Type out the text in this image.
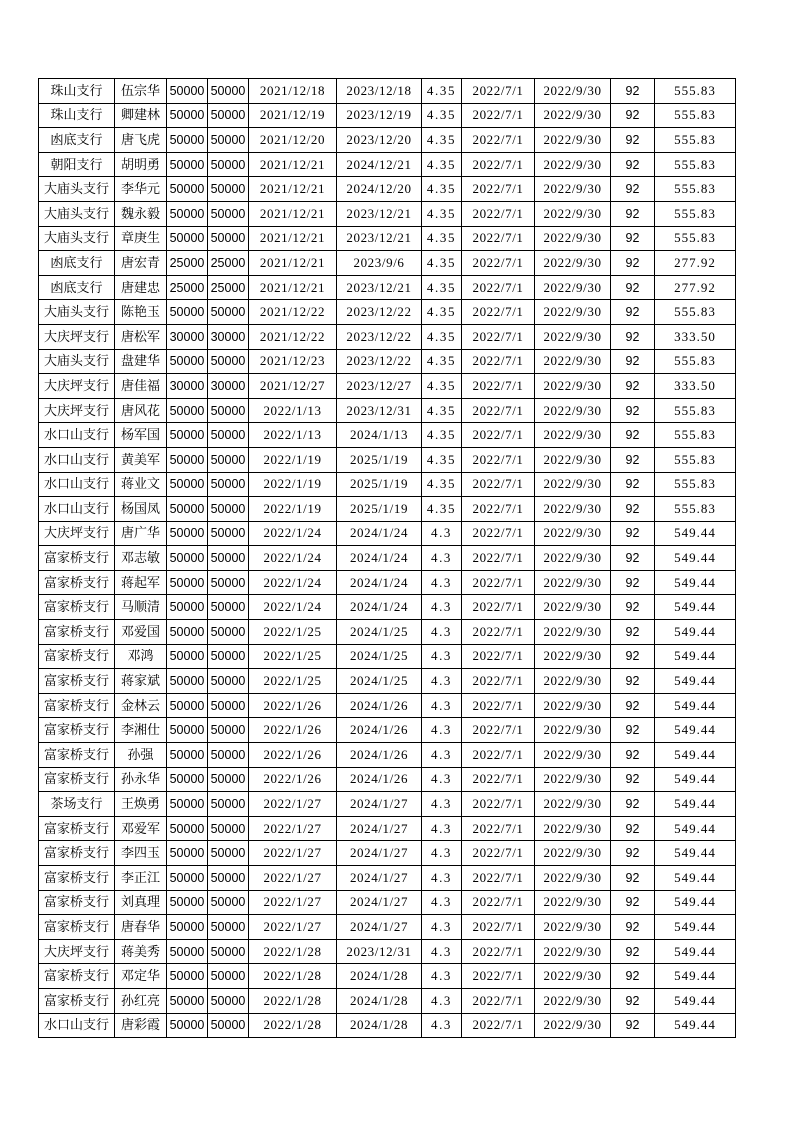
珠山支行	伍宗华	50000	50000	2021/12/18	2023/12/18	4.35	2022/7/1	2022/9/30	92	555.83
珠山支行	卿建林	50000	50000	2021/12/19	2023/12/19	4.35	2022/7/1	2022/9/30	92	555.83
凼底支行	唐飞虎	50000	50000	2021/12/20	2023/12/20	4.35	2022/7/1	2022/9/30	92	555.83
朝阳支行	胡明勇	50000	50000	2021/12/21	2024/12/21	4.35	2022/7/1	2022/9/30	92	555.83
大庙头支行	李华元	50000	50000	2021/12/21	2024/12/20	4.35	2022/7/1	2022/9/30	92	555.83
大庙头支行	魏永毅	50000	50000	2021/12/21	2023/12/21	4.35	2022/7/1	2022/9/30	92	555.83
大庙头支行	章庚生	50000	50000	2021/12/21	2023/12/21	4.35	2022/7/1	2022/9/30	92	555.83
凼底支行	唐宏青	25000	25000	2021/12/21	2023/9/6	4.35	2022/7/1	2022/9/30	92	277.92
凼底支行	唐建忠	25000	25000	2021/12/21	2023/12/21	4.35	2022/7/1	2022/9/30	92	277.92
大庙头支行	陈艳玉	50000	50000	2021/12/22	2023/12/22	4.35	2022/7/1	2022/9/30	92	555.83
大庆坪支行	唐松军	30000	30000	2021/12/22	2023/12/22	4.35	2022/7/1	2022/9/30	92	333.50
大庙头支行	盘建华	50000	50000	2021/12/23	2023/12/22	4.35	2022/7/1	2022/9/30	92	555.83
大庆坪支行	唐佳福	30000	30000	2021/12/27	2023/12/27	4.35	2022/7/1	2022/9/30	92	333.50
大庆坪支行	唐风花	50000	50000	2022/1/13	2023/12/31	4.35	2022/7/1	2022/9/30	92	555.83
水口山支行	杨军国	50000	50000	2022/1/13	2024/1/13	4.35	2022/7/1	2022/9/30	92	555.83
水口山支行	黄美军	50000	50000	2022/1/19	2025/1/19	4.35	2022/7/1	2022/9/30	92	555.83
水口山支行	蒋业文	50000	50000	2022/1/19	2025/1/19	4.35	2022/7/1	2022/9/30	92	555.83
水口山支行	杨国凤	50000	50000	2022/1/19	2025/1/19	4.35	2022/7/1	2022/9/30	92	555.83
大庆坪支行	唐广华	50000	50000	2022/1/24	2024/1/24	4.3	2022/7/1	2022/9/30	92	549.44
富家桥支行	邓志敏	50000	50000	2022/1/24	2024/1/24	4.3	2022/7/1	2022/9/30	92	549.44
富家桥支行	蒋起军	50000	50000	2022/1/24	2024/1/24	4.3	2022/7/1	2022/9/30	92	549.44
富家桥支行	马顺清	50000	50000	2022/1/24	2024/1/24	4.3	2022/7/1	2022/9/30	92	549.44
富家桥支行	邓爱国	50000	50000	2022/1/25	2024/1/25	4.3	2022/7/1	2022/9/30	92	549.44
富家桥支行	邓鸿	50000	50000	2022/1/25	2024/1/25	4.3	2022/7/1	2022/9/30	92	549.44
富家桥支行	蒋家斌	50000	50000	2022/1/25	2024/1/25	4.3	2022/7/1	2022/9/30	92	549.44
富家桥支行	金林云	50000	50000	2022/1/26	2024/1/26	4.3	2022/7/1	2022/9/30	92	549.44
富家桥支行	李湘仕	50000	50000	2022/1/26	2024/1/26	4.3	2022/7/1	2022/9/30	92	549.44
富家桥支行	孙强	50000	50000	2022/1/26	2024/1/26	4.3	2022/7/1	2022/9/30	92	549.44
富家桥支行	孙永华	50000	50000	2022/1/26	2024/1/26	4.3	2022/7/1	2022/9/30	92	549.44
茶场支行	王焕勇	50000	50000	2022/1/27	2024/1/27	4.3	2022/7/1	2022/9/30	92	549.44
富家桥支行	邓爱军	50000	50000	2022/1/27	2024/1/27	4.3	2022/7/1	2022/9/30	92	549.44
富家桥支行	李四玉	50000	50000	2022/1/27	2024/1/27	4.3	2022/7/1	2022/9/30	92	549.44
富家桥支行	李正江	50000	50000	2022/1/27	2024/1/27	4.3	2022/7/1	2022/9/30	92	549.44
富家桥支行	刘真理	50000	50000	2022/1/27	2024/1/27	4.3	2022/7/1	2022/9/30	92	549.44
富家桥支行	唐春华	50000	50000	2022/1/27	2024/1/27	4.3	2022/7/1	2022/9/30	92	549.44
大庆坪支行	蒋美秀	50000	50000	2022/1/28	2023/12/31	4.3	2022/7/1	2022/9/30	92	549.44
富家桥支行	邓定华	50000	50000	2022/1/28	2024/1/28	4.3	2022/7/1	2022/9/30	92	549.44
富家桥支行	孙红亮	50000	50000	2022/1/28	2024/1/28	4.3	2022/7/1	2022/9/30	92	549.44
水口山支行	唐彩霞	50000	50000	2022/1/28	2024/1/28	4.3	2022/7/1	2022/9/30	92	549.44
